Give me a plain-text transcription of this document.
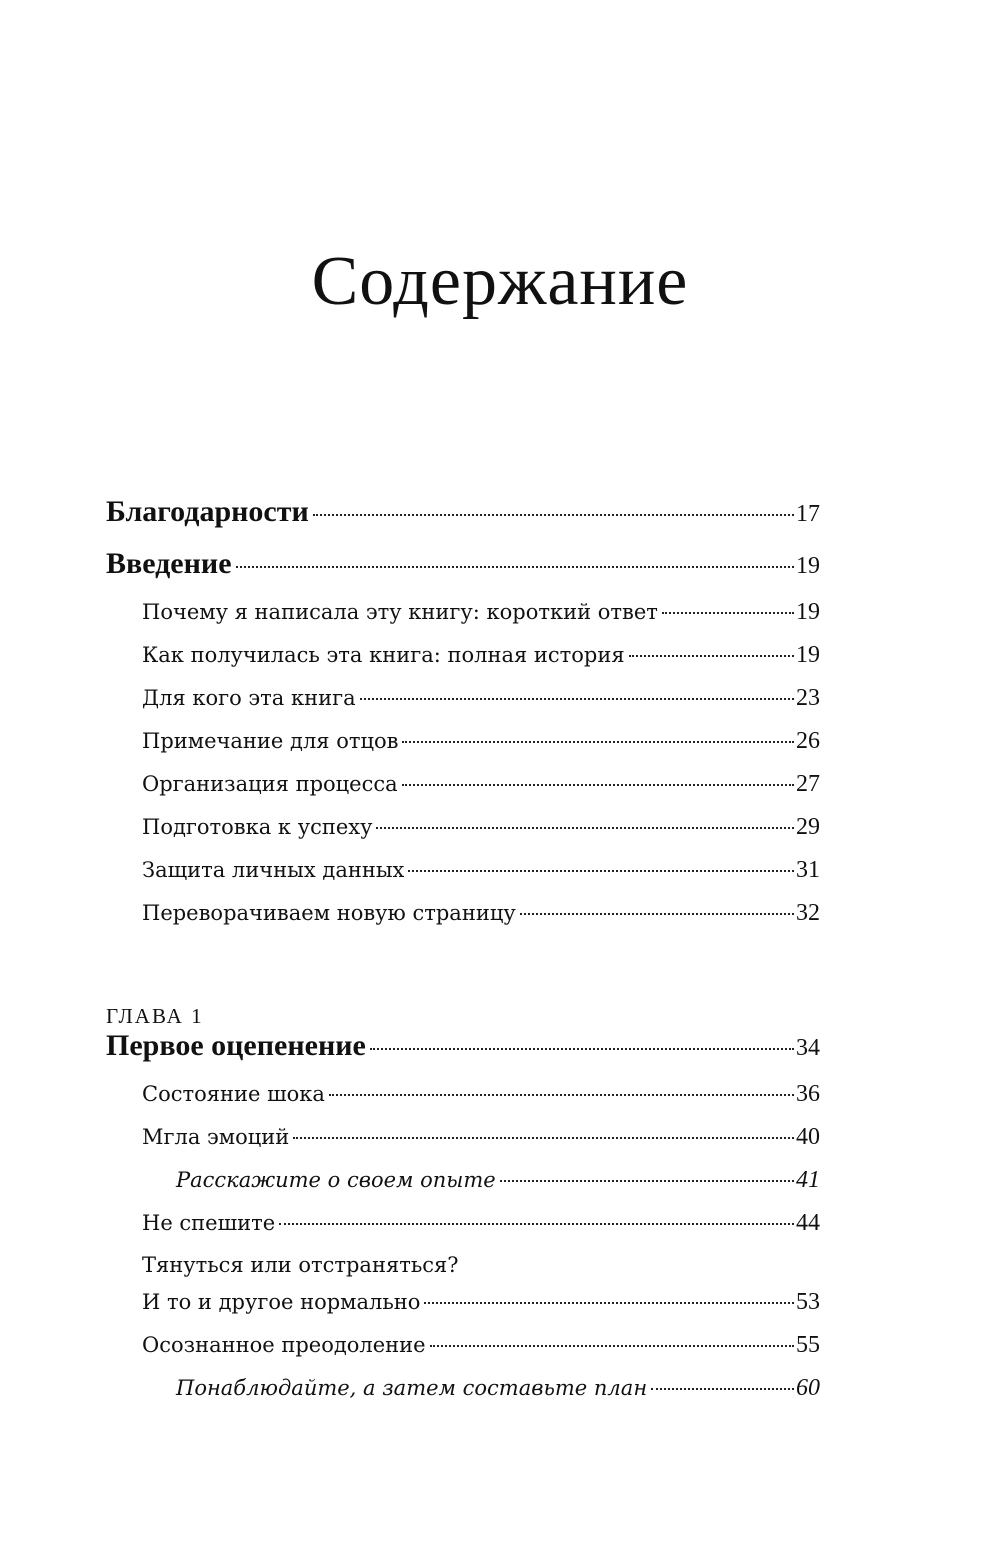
Содержание
Благодарности	17
Введение	19
Почему я написала эту книгу: короткий ответ	19
Как получилась эта книга: полная история	19
Для кого эта книга	23
Примечание для отцов	26
Организация процесса	27
Подготовка к успеху	29
Защита личных данных	31
Переворачиваем новую страницу	32
ГЛАВА 1
Первое оцепенение	34
Состояние шока	36
Мгла эмоций	40
Расскажите о своем опыте	41
Не спешите	44
Тянуться или отстраняться?
И то и другое нормально	53
Осознанное преодоление	55
Понаблюдайте, а затем составьте план	60
